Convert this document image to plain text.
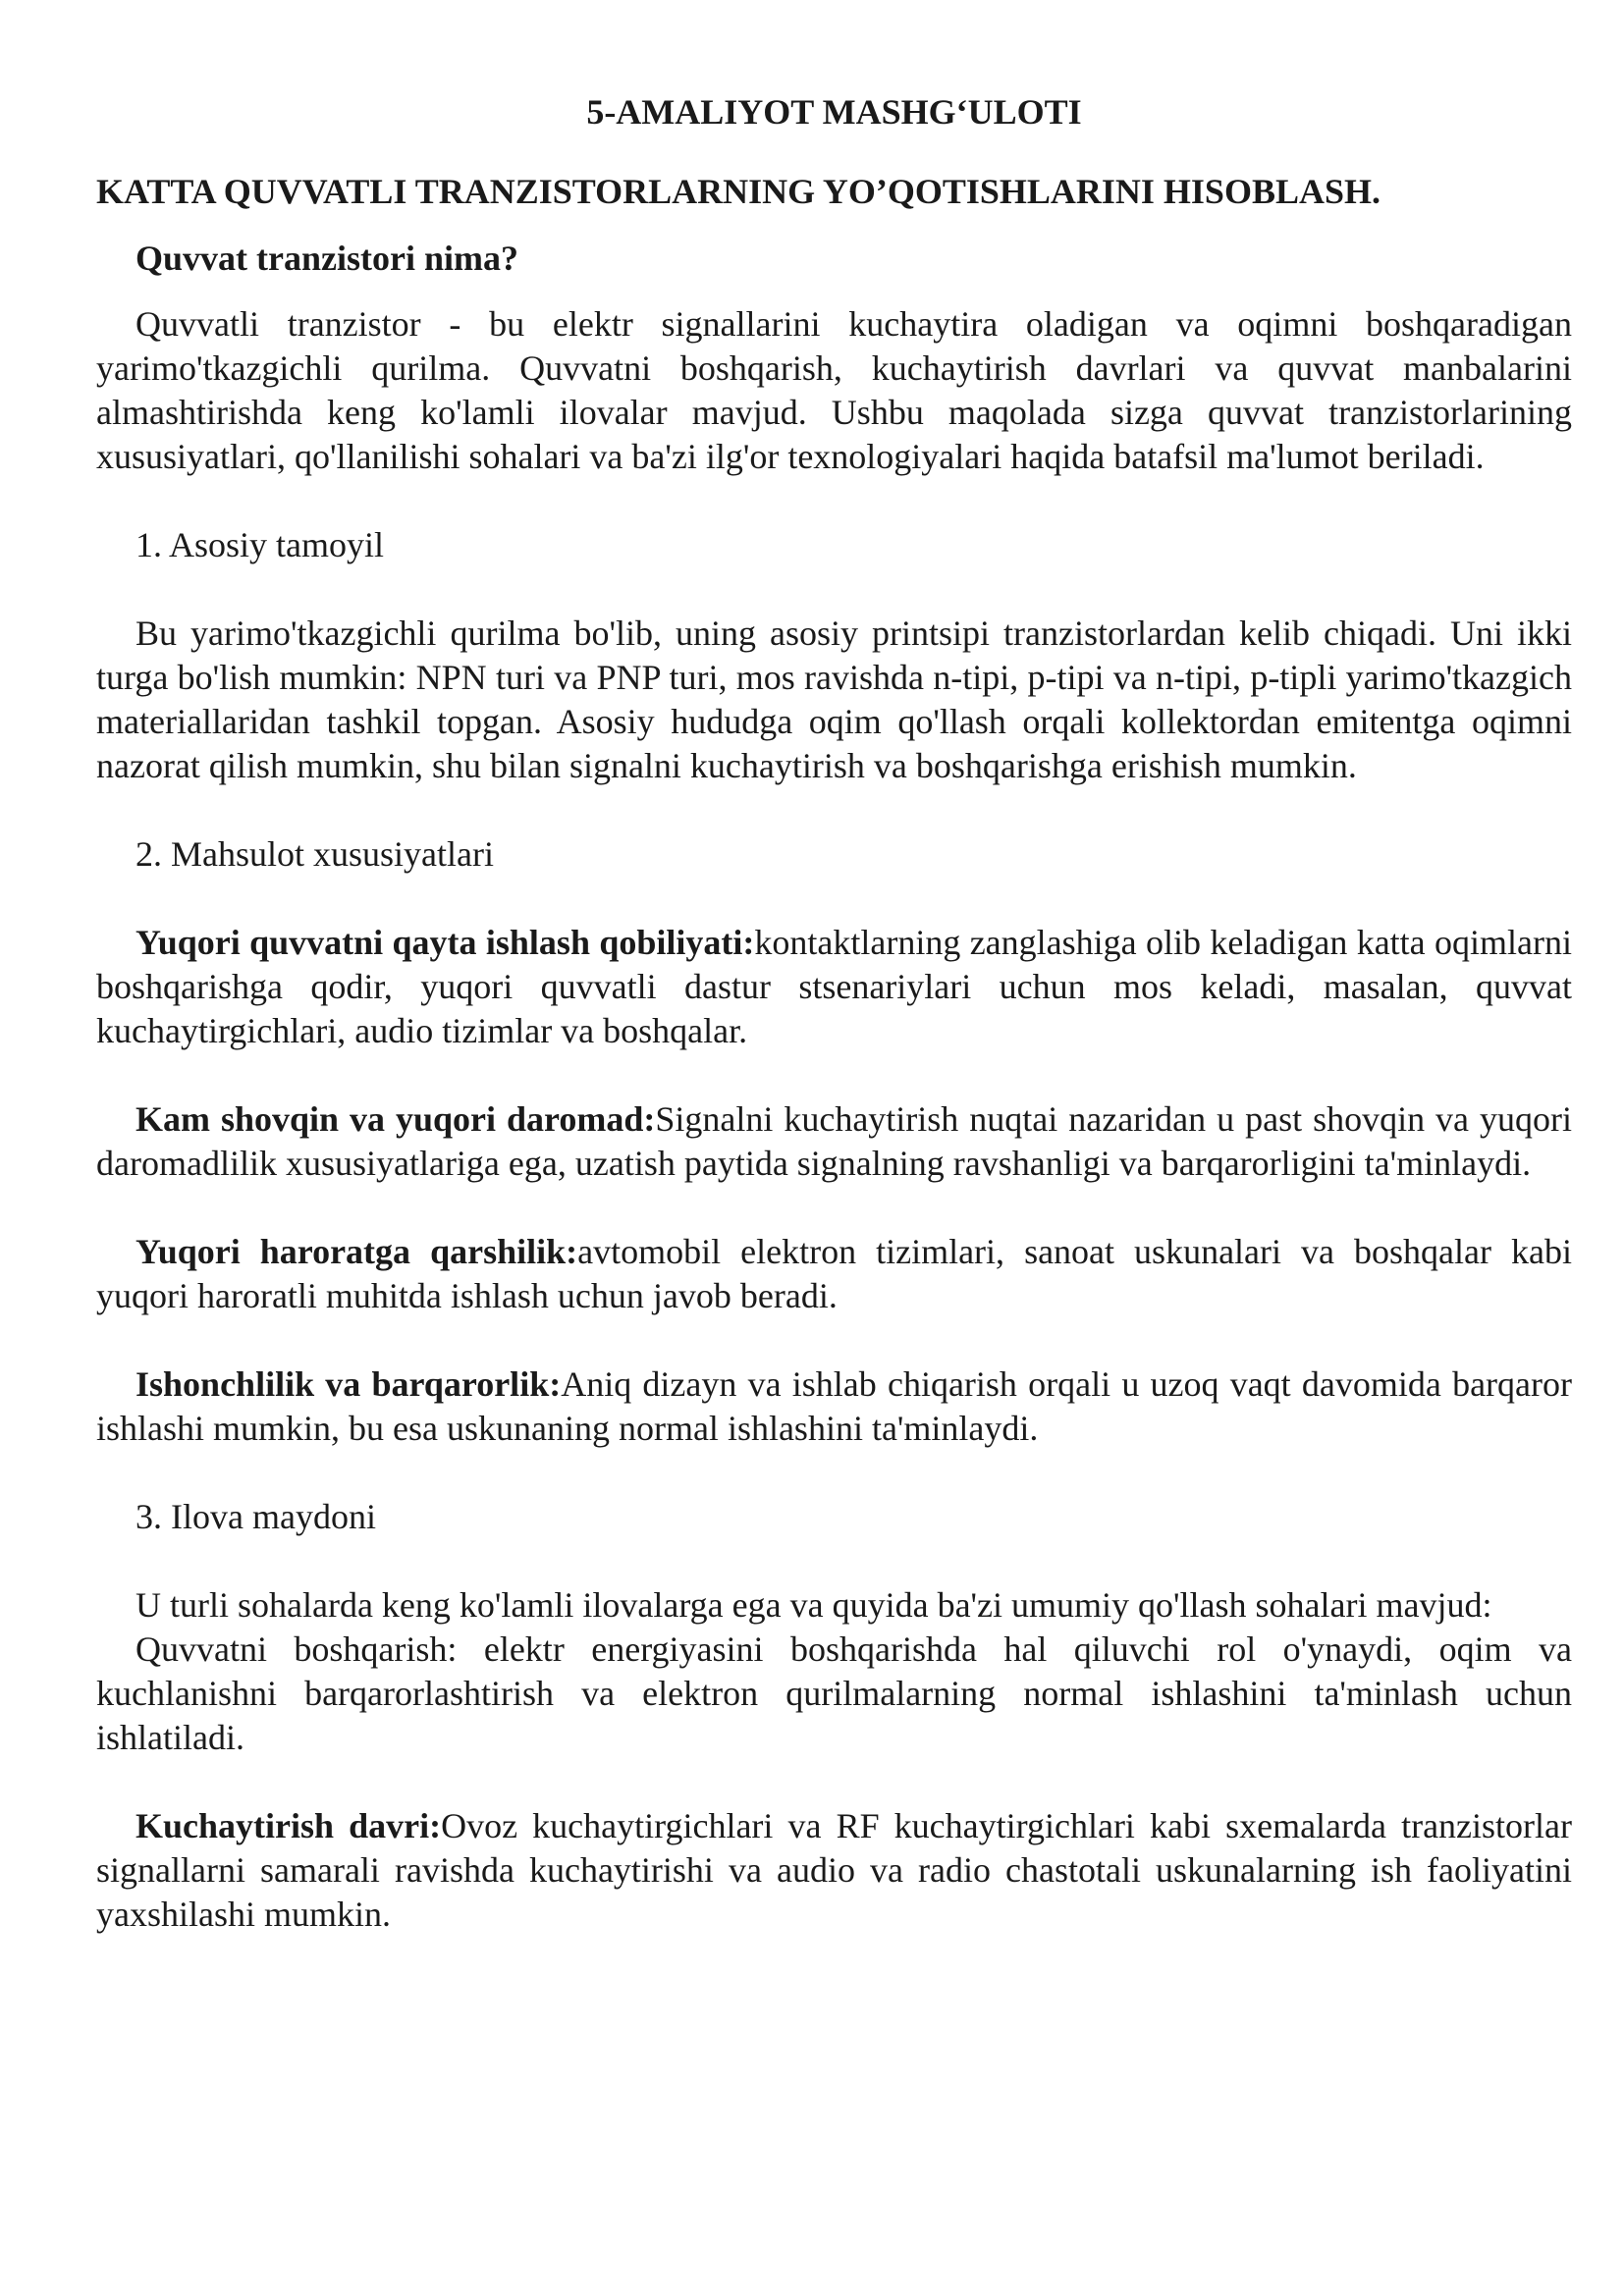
5-AMALIYOT MASHG‘ULOTI
KATTA QUVVATLI TRANZISTORLARNING YO’QOTISHLARINI HISOBLASH.
Quvvat tranzistori nima?

Quvvatli tranzistor - bu elektr signallarini kuchaytira oladigan va oqimni boshqaradigan yarimo'tkazgichli qurilma. Quvvatni boshqarish, kuchaytirish davrlari va quvvat manbalarini almashtirishda keng ko'lamli ilovalar mavjud. Ushbu maqolada sizga quvvat tranzistorlarining xususiyatlari, qo'llanilishi sohalari va ba'zi ilg'or texnologiyalari haqida batafsil ma'lumot beriladi.

1. Asosiy tamoyil

Bu yarimo'tkazgichli qurilma bo'lib, uning asosiy printsipi tranzistorlardan kelib chiqadi. Uni ikki turga bo'lish mumkin: NPN turi va PNP turi, mos ravishda n-tipi, p-tipi va n-tipi, p-tipli yarimo'tkazgich materiallaridan tashkil topgan. Asosiy hududga oqim qo'llash orqali kollektordan emitentga oqimni nazorat qilish mumkin, shu bilan signalni kuchaytirish va boshqarishga erishish mumkin.

2. Mahsulot xususiyatlari

Yuqori quvvatni qayta ishlash qobiliyati:kontaktlarning zanglashiga olib keladigan katta oqimlarni boshqarishga qodir, yuqori quvvatli dastur stsenariylari uchun mos keladi, masalan, quvvat kuchaytirgichlari, audio tizimlar va boshqalar.

Kam shovqin va yuqori daromad:Signalni kuchaytirish nuqtai nazaridan u past shovqin va yuqori daromadlilik xususiyatlariga ega, uzatish paytida signalning ravshanligi va barqarorligini ta'minlaydi.

Yuqori haroratga qarshilik:avtomobil elektron tizimlari, sanoat uskunalari va boshqalar kabi yuqori haroratli muhitda ishlash uchun javob beradi.

Ishonchlilik va barqarorlik:Aniq dizayn va ishlab chiqarish orqali u uzoq vaqt davomida barqaror ishlashi mumkin, bu esa uskunaning normal ishlashini ta'minlaydi.

3. Ilova maydoni

U turli sohalarda keng ko'lamli ilovalarga ega va quyida ba'zi umumiy qo'llash sohalari mavjud:

Quvvatni boshqarish: elektr energiyasini boshqarishda hal qiluvchi rol o'ynaydi, oqim va kuchlanishni barqarorlashtirish va elektron qurilmalarning normal ishlashini ta'minlash uchun ishlatiladi.

Kuchaytirish davri:Ovoz kuchaytirgichlari va RF kuchaytirgichlari kabi sxemalarda tranzistorlar signallarni samarali ravishda kuchaytirishi va audio va radio chastotali uskunalarning ish faoliyatini yaxshilashi mumkin.
